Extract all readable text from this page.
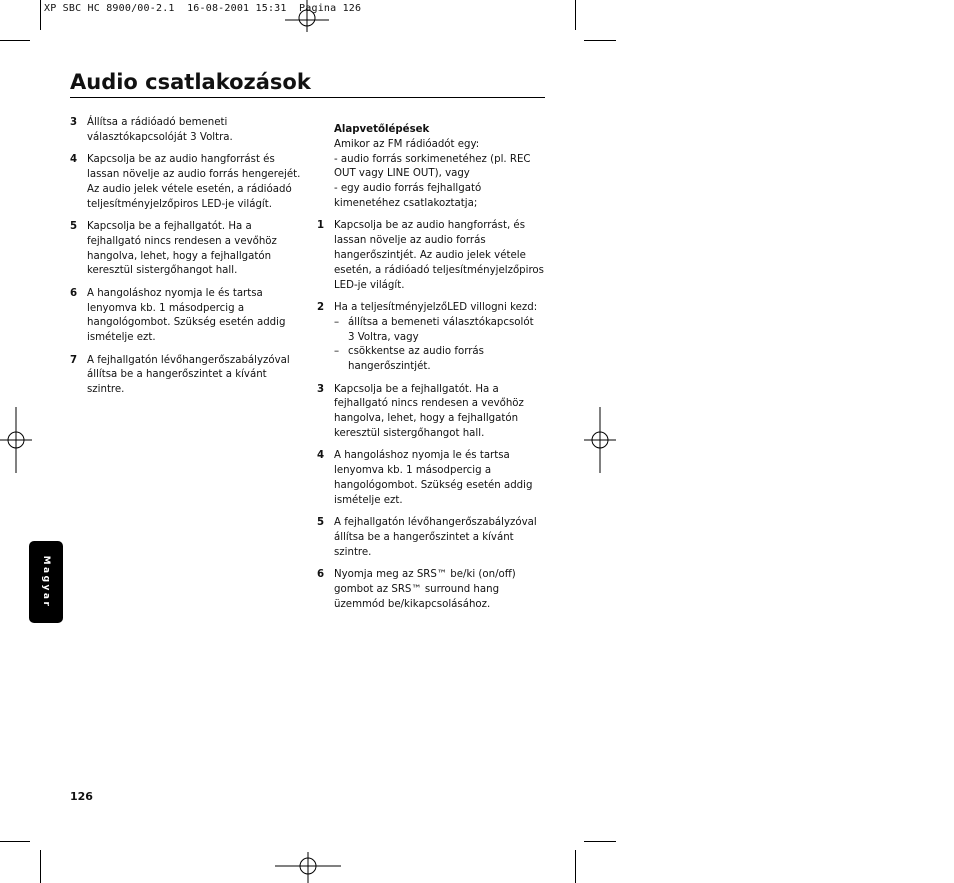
XP SBC HC 8900/00-2.1  16-08-2001 15:31  Pagina 126
Audio csatlakozások
3 Állítsa a rádióadó bemeneti
választókapcsolóját 3 Voltra.
4 Kapcsolja be az audio hangforrást és
lassan növelje az audio forrás hengerejét.
Az audio jelek vétele esetén, a rádióadó
teljesítményjelzőpiros LED-je világít.
5 Kapcsolja be a fejhallgatót. Ha a
fejhallgató nincs rendesen a vevőhöz
hangolva, lehet, hogy a fejhallgatón
keresztül sistergőhangot hall.
6 A hangoláshoz nyomja le és tartsa
lenyomva kb. 1 másodpercig a
hangológombot. Szükség esetén addig
ismételje ezt.
7 A fejhallgatón lévőhangerőszabályzóval
állítsa be a hangerőszintet a kívánt
szintre.
Alapvetőlépések
Amikor az FM rádióadót egy:
- audio forrás sorkimenetéhez (pl. REC
OUT vagy LINE OUT), vagy
- egy audio forrás fejhallgató
kimenetéhez csatlakoztatja;
1 Kapcsolja be az audio hangforrást, és
lassan növelje az audio forrás
hangerőszintjét. Az audio jelek vétele
esetén, a rádióadó teljesítményjelzőpiros
LED-je világít.
2 Ha a teljesítményjelzőLED villogni kezd:
– állítsa a bemeneti választókapcsolót
3 Voltra, vagy
– csökkentse az audio forrás
hangerőszintjét.
3 Kapcsolja be a fejhallgatót. Ha a
fejhallgató nincs rendesen a vevőhöz
hangolva, lehet, hogy a fejhallgatón
keresztül sistergőhangot hall.
4 A hangoláshoz nyomja le és tartsa
lenyomva kb. 1 másodpercig a
hangológombot. Szükség esetén addig
ismételje ezt.
5 A fejhallgatón lévőhangerőszabályzóval
állítsa be a hangerőszintet a kívánt
szintre.
6 Nyomja meg az SRS™ be/ki (on/off)
gombot az SRS™ surround hang
üzemmód be/kikapcsolásához.
Magyar
126
